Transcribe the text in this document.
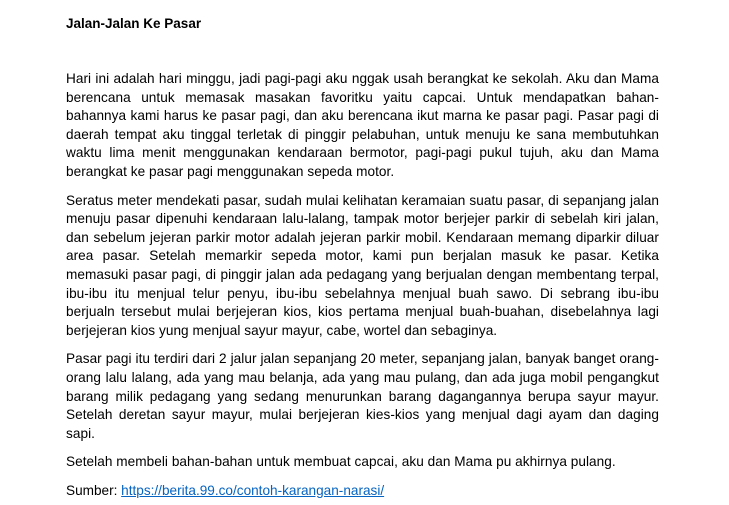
Jalan-Jalan Ke Pasar

Hari ini adalah hari minggu, jadi pagi-pagi aku nggak usah berangkat ke sekolah. Aku dan Mama berencana untuk memasak masakan favoritku yaitu capcai. Untuk mendapatkan bahan-bahannya kami harus ke pasar pagi, dan aku berencana ikut marna ke pasar pagi. Pasar pagi di daerah tempat aku tinggal terletak di pinggir pelabuhan, untuk menuju ke sana membutuhkan waktu lima menit menggunakan kendaraan bermotor, pagi-pagi pukul tujuh, aku dan Mama berangkat ke pasar pagi menggunakan sepeda motor.

Seratus meter mendekati pasar, sudah mulai kelihatan keramaian suatu pasar, di sepanjang jalan menuju pasar dipenuhi kendaraan lalu-lalang, tampak motor berjejer parkir di sebelah kiri jalan, dan sebelum jejeran parkir motor adalah jejeran parkir mobil. Kendaraan memang diparkir diluar area pasar. Setelah memarkir sepeda motor, kami pun berjalan masuk ke pasar. Ketika memasuki pasar pagi, di pinggir jalan ada pedagang yang berjualan dengan membentang terpal, ibu-ibu itu menjual telur penyu, ibu-ibu sebelahnya menjual buah sawo. Di sebrang ibu-ibu berjualn tersebut mulai berjejeran kios, kios pertama menjual buah-buahan, disebelahnya lagi berjejeran kios yung menjual sayur mayur, cabe, wortel dan sebaginya.

Pasar pagi itu terdiri dari 2 jalur jalan sepanjang 20 meter, sepanjang jalan, banyak banget orang-orang lalu lalang, ada yang mau belanja, ada yang mau pulang, dan ada juga mobil pengangkut barang milik pedagang yang sedang menurunkan barang dagangannya berupa sayur mayur. Setelah deretan sayur mayur, mulai berjejeran kies-kios yang menjual dagi ayam dan daging sapi.

Setelah membeli bahan-bahan untuk membuat capcai, aku dan Mama pu akhirnya pulang.

Sumber: https://berita.99.co/contoh-karangan-narasi/
